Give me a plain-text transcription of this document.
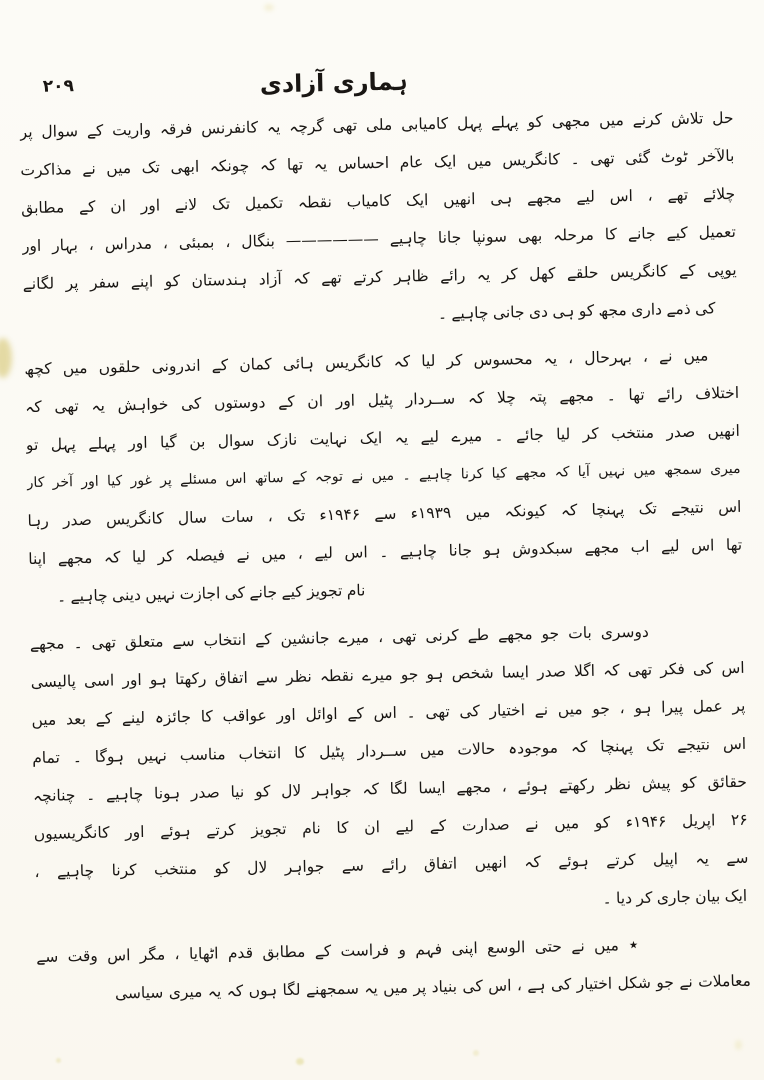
۲۰۹	ہماری آزادی
حل تلاش کرنے میں مجھی کو پہلے پہل کامیابی ملی تھی گرچہ یہ کانفرنس فرقہ واریت کے سوال پر
بالآخر ٹوٹ گئی تھی ۔ کانگریس میں ایک عام احساس یہ تھا کہ چونکہ ابھی تک میں نے مذاکرت
چلائے تھے ، اس لیے مجھے ہی انھیں ایک کامیاب نقطہ تکمیل تک لانے اور ان کے مطابق
تعمیل کیے جانے کا مرحلہ بھی سونپا جانا چاہیے —————— بنگال ، بمبئی ، مدراس ، بہار اور
یوپی کے کانگریس حلقے کھل کر یہ رائے ظاہر کرتے تھے کہ آزاد ہندستان کو اپنے سفر پر لگانے
کی ذمے داری مجھ کو ہی دی جانی چاہیے ۔
میں نے ، بہرحال ، یہ محسوس کر لیا کہ کانگریس ہائی کمان کے اندرونی حلقوں میں کچھ
اختلاف رائے تھا ۔ مجھے پتہ چلا کہ ســردار پٹیل اور ان کے دوستوں کی خواہش یہ تھی کہ
انھیں صدر منتخب کر لیا جائے ۔ میرے لیے یہ ایک نہایت نازک سوال بن گیا اور پہلے پہل تو
میری سمجھ میں نہیں آیا کہ مجھے کیا کرنا چاہیے ۔ میں نے توجہ کے ساتھ اس مسئلے پر غور کیا اور آخر کار
اس نتیجے تک پہنچا کہ کیونکہ میں ۱۹۳۹ء سے ۱۹۴۶ء تک ، سات سال کانگریس صدر رہا
تھا اس لیے اب مجھے سبکدوش ہو جانا چاہیے ۔ اس لیے ، میں نے فیصلہ کر لیا کہ مجھے اپنا
نام تجویز کیے جانے کی اجازت نہیں دینی چاہیے ۔
دوسری بات جو مجھے طے کرنی تھی ، میرے جانشین کے انتخاب سے متعلق تھی ۔ مجھے
اس کی فکر تھی کہ اگلا صدر ایسا شخص ہو جو میرے نقطہ نظر سے اتفاق رکھتا ہو اور اسی پالیسی
پر عمل پیرا ہو ، جو میں نے اختیار کی تھی ۔ اس کے اوائل اور عواقب کا جائزہ لینے کے بعد میں
اس نتیجے تک پہنچا کہ موجودہ حالات میں ســردار پٹیل کا انتخاب مناسب نہیں ہوگا ۔ تمام
حقائق کو پیش نظر رکھتے ہوئے ، مجھے ایسا لگا کہ جواہر لال کو نیا صدر ہونا چاہیے ۔ چنانچہ
۲۶ اپریل ۱۹۴۶ء کو میں نے صدارت کے لیے ان کا نام تجویز کرتے ہوئے اور کانگریسیوں
سے یہ اپیل کرتے ہوئے کہ انھیں اتفاق رائے سے جواہر لال کو منتخب کرنا چاہیے ،
ایک بیان جاری کر دیا ۔
٭میں نے حتی الوسع اپنی فہم و فراست کے مطابق قدم اٹھایا ، مگر اس وقت سے
معاملات نے جو شکل اختیار کی ہے ، اس کی بنیاد پر میں یہ سمجھنے لگا ہوں کہ یہ میری سیاسی
